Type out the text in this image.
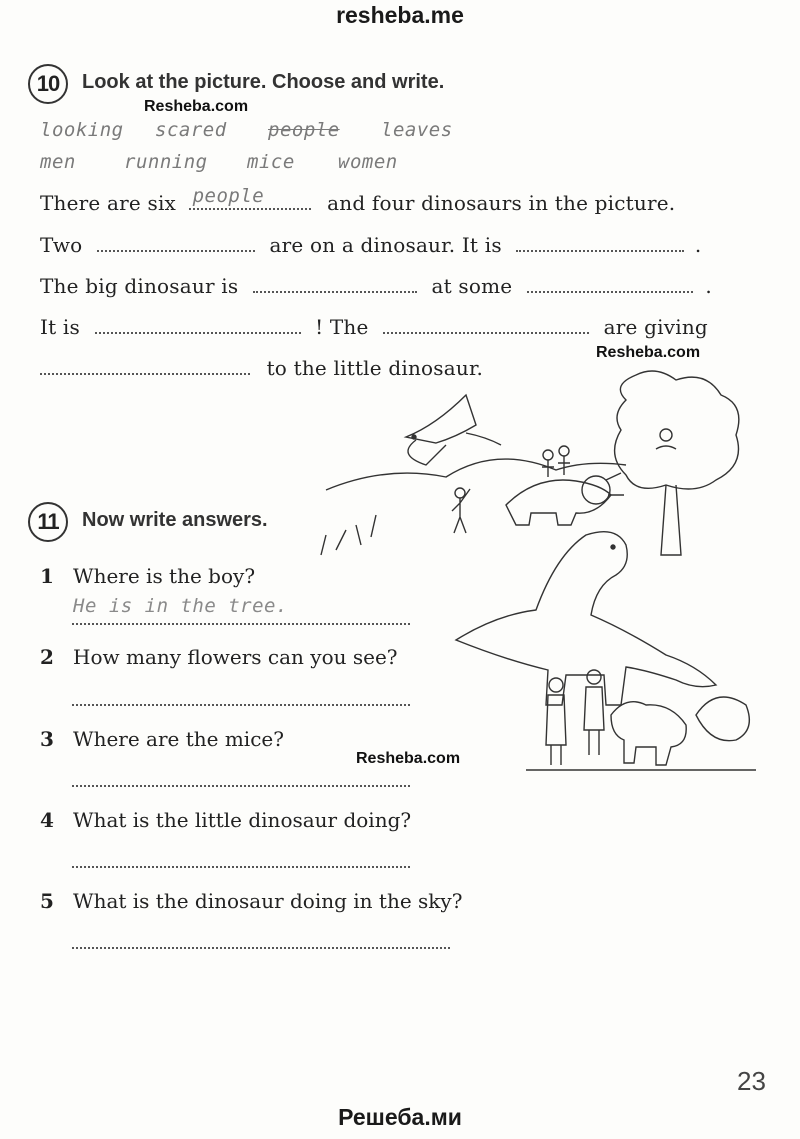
resheba.me
Решеба.ми
10	Look at the picture. Choose and write.
Resheba.com
looking scared people leaves
men	running mice women
There are six people	and four dinosaurs in the picture.
Two	are on a dinosaur. It is	.
The big dinosaur is	at some	.
It is	! The	are giving
Resheba.com
to the little dinosaur.
11	Now write answers.
1 Where is the boy?
He is in the tree.
2 How many flowers can you see?
3 Where are the mice?
Resheba.com
4 What is the little dinosaur doing?
5 What is the dinosaur doing in the sky?
23
